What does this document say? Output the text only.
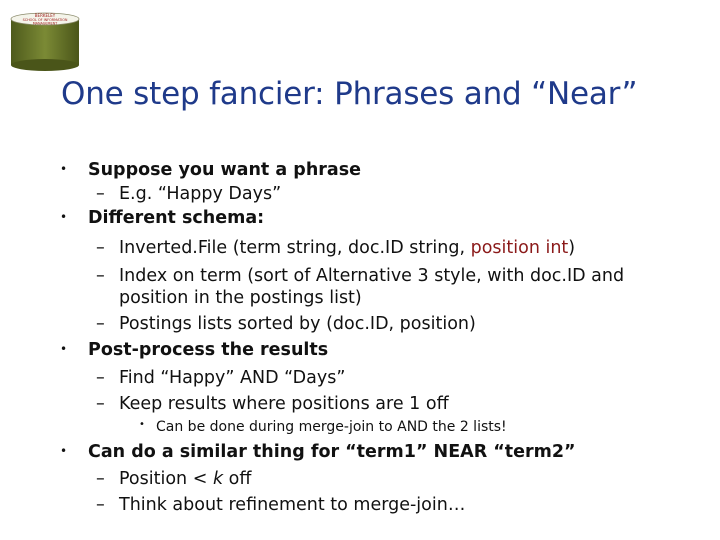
BERKELEY
SCHOOL OF INFORMATION
MANAGEMENT
One step fancier: Phrases and “Near”
• Suppose you want a phrase
– E.g. “Happy Days”
• Different schema:
– Inverted.File (term string, doc.ID string, position int)
– Index on term (sort of Alternative 3 style, with doc.ID and
position in the postings list)
– Postings lists sorted by (doc.ID, position)
• Post-process the results
– Find “Happy” AND “Days”
– Keep results where positions are 1 off
• Can be done during merge-join to AND the 2 lists!
• Can do a similar thing for “term1” NEAR “term2”
– Position < k off
– Think about refinement to merge-join…
